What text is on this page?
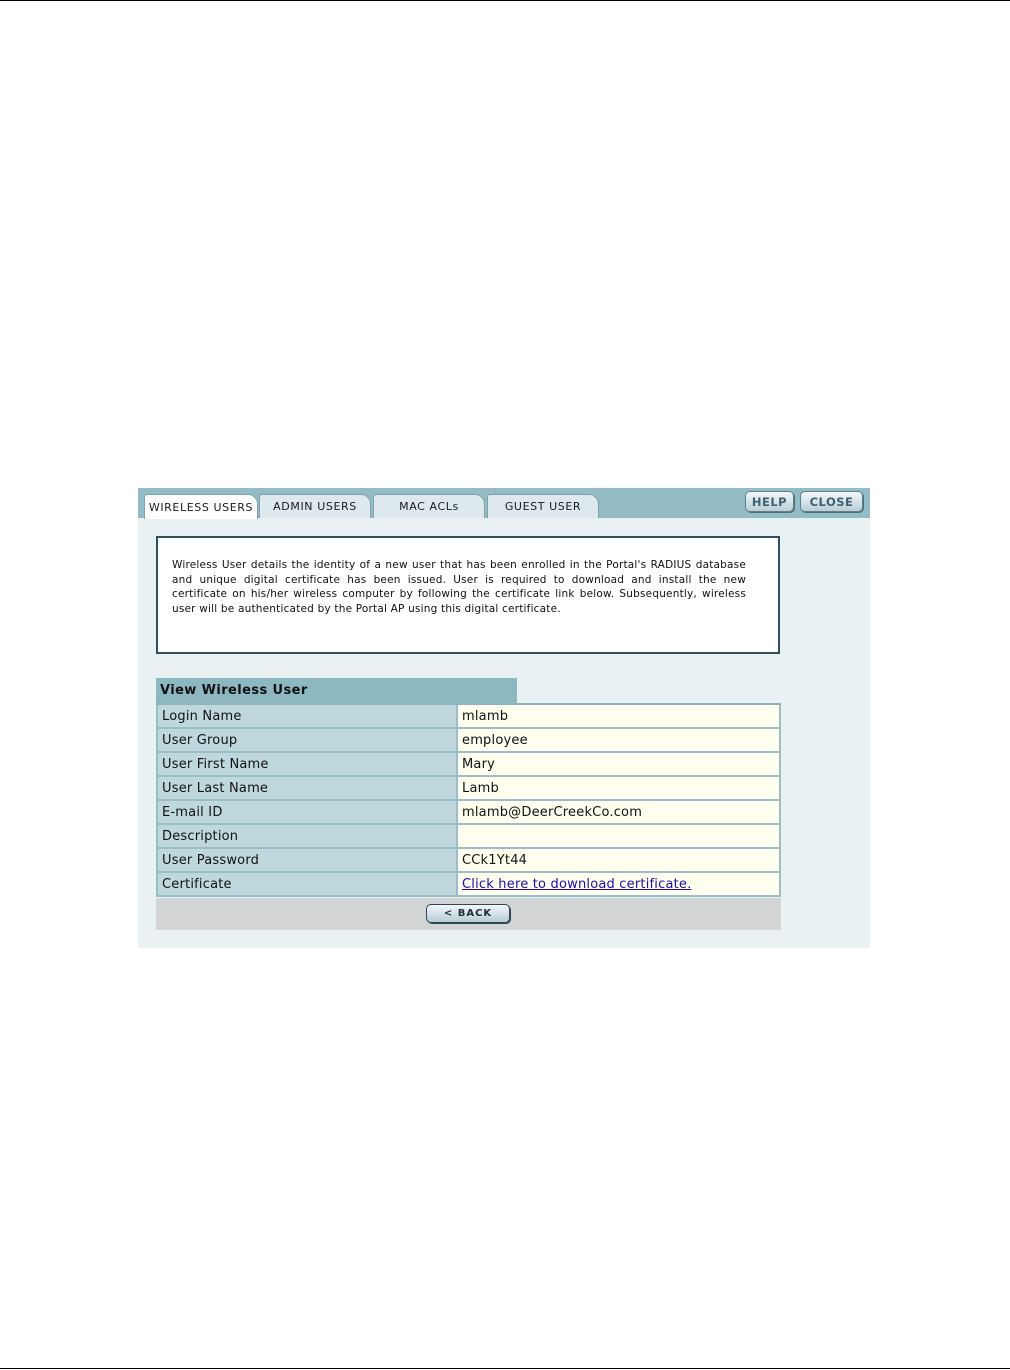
WIRELESS USERS	ADMIN USERS	MAC ACLs	GUEST USER	HELP	CLOSE
Wireless User details the identity of a new user that has been enrolled in the Portal's RADIUS database and unique digital certificate has been issued. User is required to download and install the new certificate on his/her wireless computer by following the certificate link below. Subsequently, wireless user will be authenticated by the Portal AP using this digital certificate.
View Wireless User
Login Name	mlamb
User Group	employee
User First Name	Mary
User Last Name	Lamb
E-mail ID	mlamb@DeerCreekCo.com
Description
User Password	CCk1Yt44
Certificate	Click here to download certificate.
< BACK
